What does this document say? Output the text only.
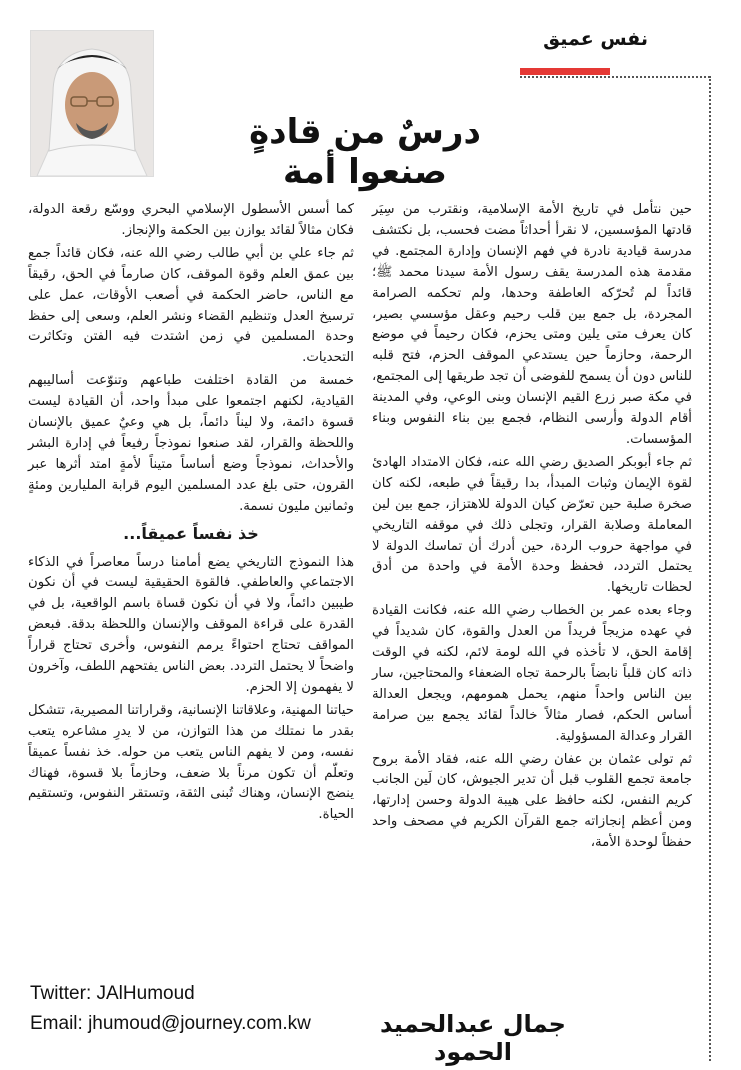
نفس عميق
درسٌ من قادةٍ صنعوا أمة

حين نتأمل في تاريخ الأمة الإسلامية، ونقترب من سِيَر قادتها المؤسسين، لا نقرأ أحداثاً مضت فحسب، بل نكتشف مدرسة قيادية نادرة في فهم الإنسان وإدارة المجتمع. في مقدمة هذه المدرسة يقف رسول الأمة سيدنا محمد ﷺ؛ قائداً لم تُحرّكه العاطفة وحدها، ولم تحكمه الصرامة المجردة، بل جمع بين قلب رحيم وعقل مؤسسي بصير، كان يعرف متى يلين ومتى يحزم، فكان رحيماً في موضع الرحمة، وحازماً حين يستدعي الموقف الحزم، فتح قلبه للناس دون أن يسمح للفوضى أن تجد طريقها إلى المجتمع، في مكة صبر زرع القيم الإنسان وبنى الوعي، وفي المدينة أقام الدولة وأرسى النظام، فجمع بين بناء النفوس وبناء المؤسسات.

ثم جاء أبوبكر الصديق رضي الله عنه، فكان الامتداد الهادئ لقوة الإيمان وثبات المبدأ، بدا رقيقاً في طبعه، لكنه كان صخرة صلبة حين تعرّض كيان الدولة للاهتزاز، جمع بين لين المعاملة وصلابة القرار، وتجلى ذلك في موقفه التاريخي في مواجهة حروب الردة، حين أدرك أن تماسك الدولة لا يحتمل التردد، فحفظ وحدة الأمة في واحدة من أدق لحظات تاريخها.

وجاء بعده عمر بن الخطاب رضي الله عنه، فكانت القيادة في عهده مزيجاً فريداً من العدل والقوة، كان شديداً في إقامة الحق، لا تأخذه في الله لومة لائم، لكنه في الوقت ذاته كان قلباً نابضاً بالرحمة تجاه الضعفاء والمحتاجين، سار بين الناس واحداً منهم، يحمل همومهم، ويجعل العدالة أساس الحكم، فصار مثالاً خالداً لقائد يجمع بين صرامة القرار وعدالة المسؤولية.

ثم تولى عثمان بن عفان رضي الله عنه، فقاد الأمة بروح جامعة تجمع القلوب قبل أن تدير الجيوش، كان لَين الجانب كريم النفس، لكنه حافظ على هيبة الدولة وحسن إدارتها، ومن أعظم إنجازاته جمع القرآن الكريم في مصحف واحد حفظاً لوحدة الأمة،

كما أسس الأسطول الإسلامي البحري ووسّع رقعة الدولة، فكان مثالاً لقائد يوازن بين الحكمة والإنجاز.

ثم جاء علي بن أبي طالب رضي الله عنه، فكان قائداً جمع بين عمق العلم وقوة الموقف، كان صارماً في الحق، رقيقاً مع الناس، حاضر الحكمة في أصعب الأوقات، عمل على ترسيخ العدل وتنظيم القضاء ونشر العلم، وسعى إلى حفظ وحدة المسلمين في زمن اشتدت فيه الفتن وتكاثرت التحديات.

خمسة من القادة اختلفت طباعهم وتنوّعت أساليبهم القيادية، لكنهم اجتمعوا على مبدأ واحد، أن القيادة ليست قسوة دائمة، ولا ليناً دائماً، بل هي وعيٌ عميق بالإنسان واللحظة والقرار، لقد صنعوا نموذجاً رفيعاً في إدارة البشر والأحداث، نموذجاً وضع أساساً متيناً لأمةٍ امتد أثرها عبر القرون، حتى بلغ عدد المسلمين اليوم قرابة المليارين ومئةٍ وثمانين مليون نسمة.

خذ نفساً عميقاً...

هذا النموذج التاريخي يضع أمامنا درساً معاصراً في الذكاء الاجتماعي والعاطفي. فالقوة الحقيقية ليست في أن نكون طيبين دائماً، ولا في أن نكون قساة باسم الواقعية، بل في القدرة على قراءة الموقف والإنسان واللحظة بدقة. فبعض المواقف تحتاج احتواءً يرمم النفوس، وأخرى تحتاج قراراً واضحاً لا يحتمل التردد. بعض الناس يفتحهم اللطف، وآخرون لا يفهمون إلا الحزم.

حياتنا المهنية، وعلاقاتنا الإنسانية، وقراراتنا المصيرية، تتشكل بقدر ما نمتلك من هذا التوازن، من لا يدرِ مشاعره يتعب نفسه، ومن لا يفهم الناس يتعب من حوله. خذ نفساً عميقاً وتعلّم أن تكون مرناً بلا ضعف، وحازماً بلا قسوة، فهناك ينضج الإنسان، وهناك تُبنى الثقة، وتستقر النفوس، وتستقيم الحياة.

Twitter: JAlHumoud
Email: jhumoud@journey.com.kw	جمال عبدالحميد الحمود
